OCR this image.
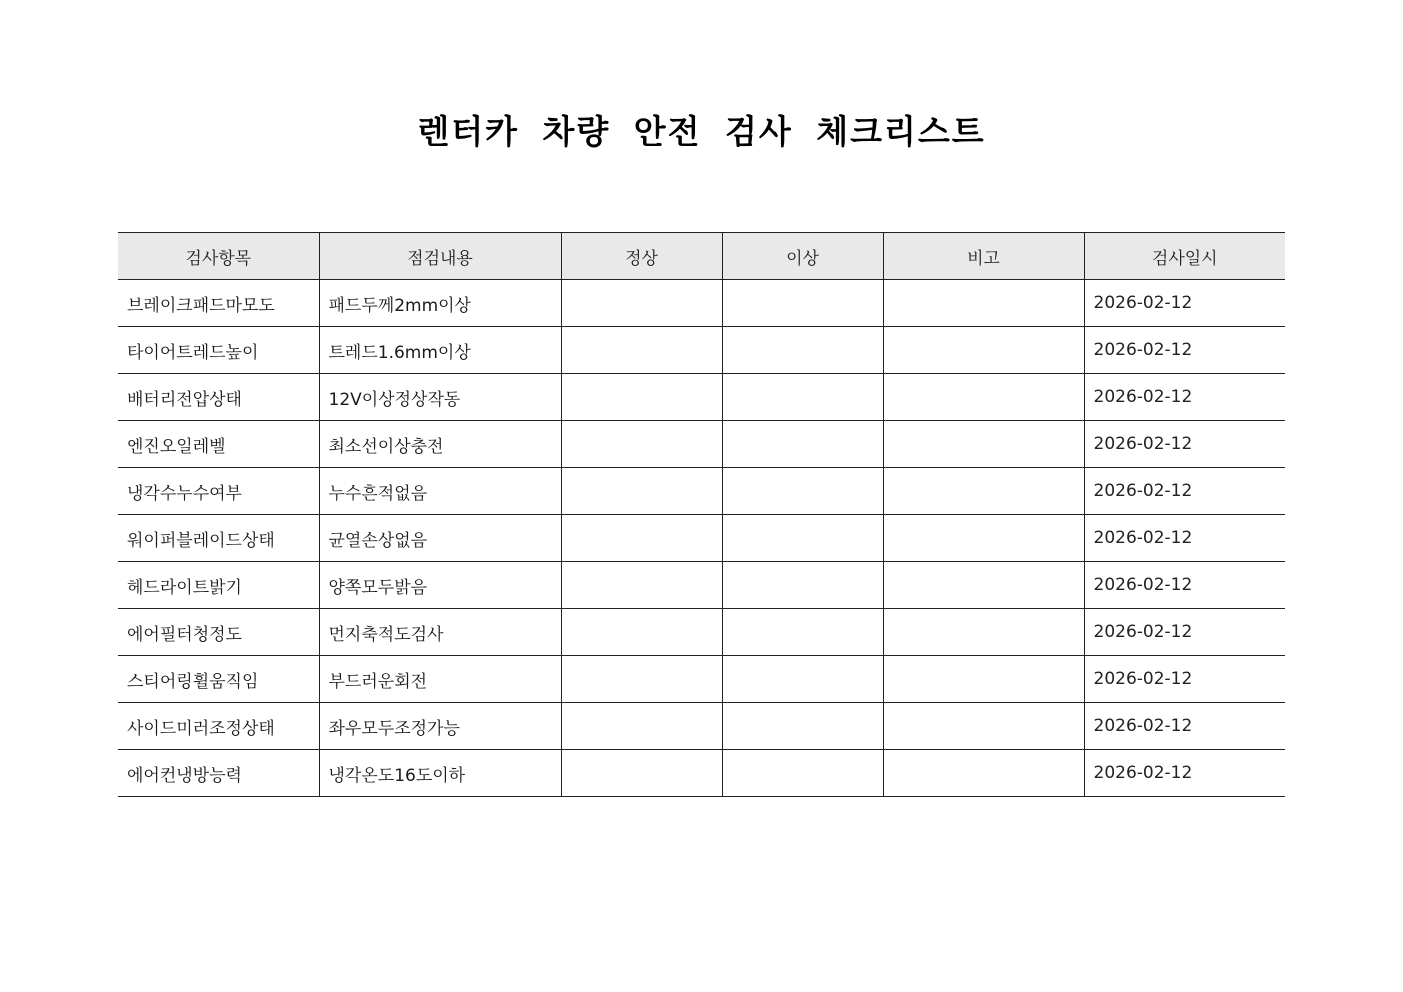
렌터카 차량 안전 검사 체크리스트
검사항목	점검내용	정상	이상	비고	검사일시
브레이크패드마모도	패드두께2mm이상				2026-02-12
타이어트레드높이	트레드1.6mm이상				2026-02-12
배터리전압상태	12V이상정상작동				2026-02-12
엔진오일레벨	최소선이상충전				2026-02-12
냉각수누수여부	누수흔적없음				2026-02-12
워이퍼블레이드상태	균열손상없음				2026-02-12
헤드라이트밝기	양쪽모두밝음				2026-02-12
에어필터청정도	먼지축적도검사				2026-02-12
스티어링휠움직임	부드러운회전				2026-02-12
사이드미러조정상태	좌우모두조정가능				2026-02-12
에어컨냉방능력	냉각온도16도이하				2026-02-12
